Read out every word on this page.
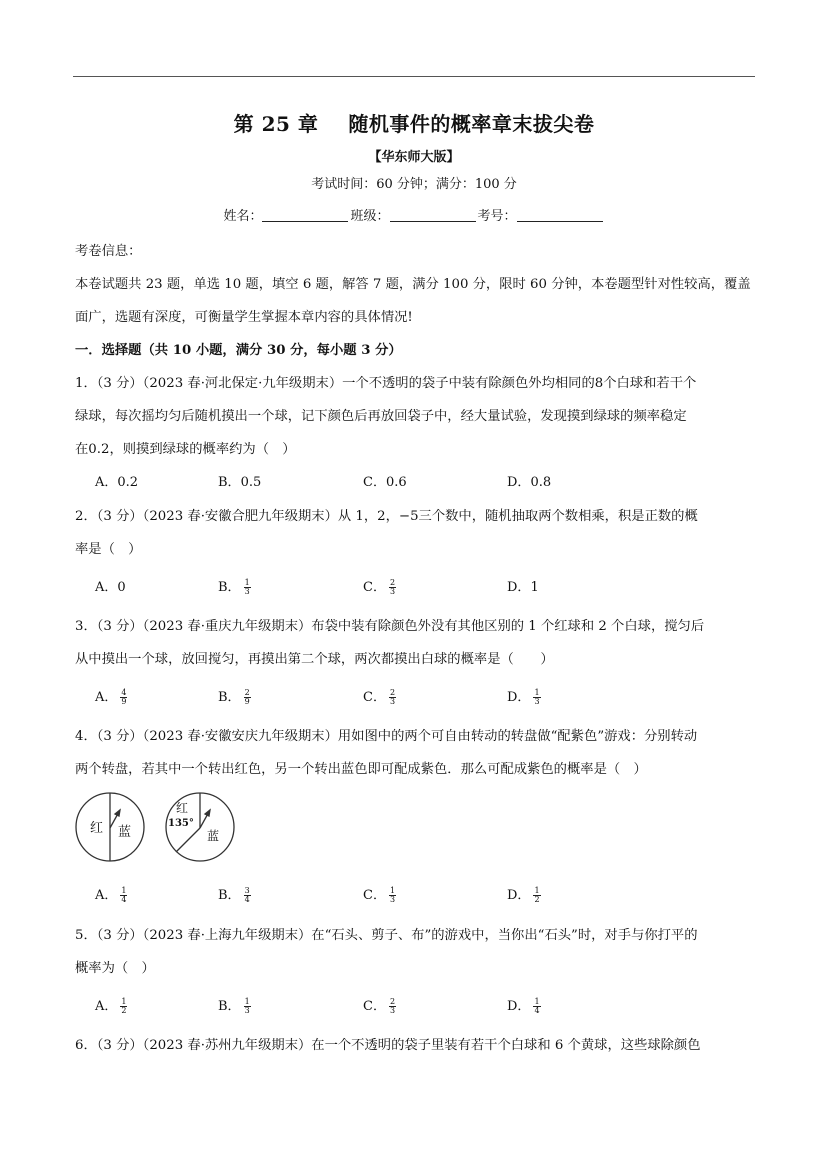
第 25 章 随机事件的概率章末拔尖卷
【华东师大版】
考试时间：60 分钟；满分：100 分
姓名：	班级：	考号：
考卷信息：
本卷试题共 23 题，单选 10 题，填空 6 题，解答 7 题，满分 100 分，限时 60 分钟，本卷题型针对性较高，覆盖
面广，选题有深度，可衡量学生掌握本章内容的具体情况!
一．选择题（共 10 小题，满分 30 分，每小题 3 分）
1．（3 分）（2023 春·河北保定·九年级期末）一个不透明的袋子中装有除颜色外均相同的8个白球和若干个
绿球，每次摇均匀后随机摸出一个球，记下颜色后再放回袋子中，经大量试验，发现摸到绿球的频率稳定
在0.2，则摸到绿球的概率约为（　）
A．0.2	B．0.5	C．0.6	D．0.8
2．（3 分）（2023 春·安徽合肥九年级期末）从 1，2，−5三个数中，随机抽取两个数相乘，积是正数的概
率是（　）
A．0	B． $\frac{1}{3}$	C． $\frac{2}{3}$	D．1
3．（3 分）（2023 春·重庆九年级期末）布袋中装有除颜色外没有其他区别的 1 个红球和 2 个白球，搅匀后
从中摸出一个球，放回搅匀，再摸出第二个球，两次都摸出白球的概率是（　　）
A． $\frac{4}{9}$	B． $\frac{2}{9}$	C． $\frac{2}{3}$	D． $\frac{1}{3}$
4．（3 分）（2023 春·安徽安庆九年级期末）用如图中的两个可自由转动的转盘做“配紫色”游戏：分别转动
两个转盘，若其中一个转出红色，另一个转出蓝色即可配成紫色．那么可配成紫色的概率是（　）
红 蓝
红
135°
蓝
A． $\frac{1}{4}$	B． $\frac{3}{4}$	C． $\frac{1}{3}$	D． $\frac{1}{2}$
5．（3 分）（2023 春·上海九年级期末）在“石头、剪子、布”的游戏中，当你出“石头”时，对手与你打平的
概率为（　）
A． $\frac{1}{2}$	B． $\frac{1}{3}$	C． $\frac{2}{3}$	D． $\frac{1}{4}$
6．（3 分）（2023 春·苏州九年级期末）在一个不透明的袋子里装有若干个白球和 6 个黄球，这些球除颜色
